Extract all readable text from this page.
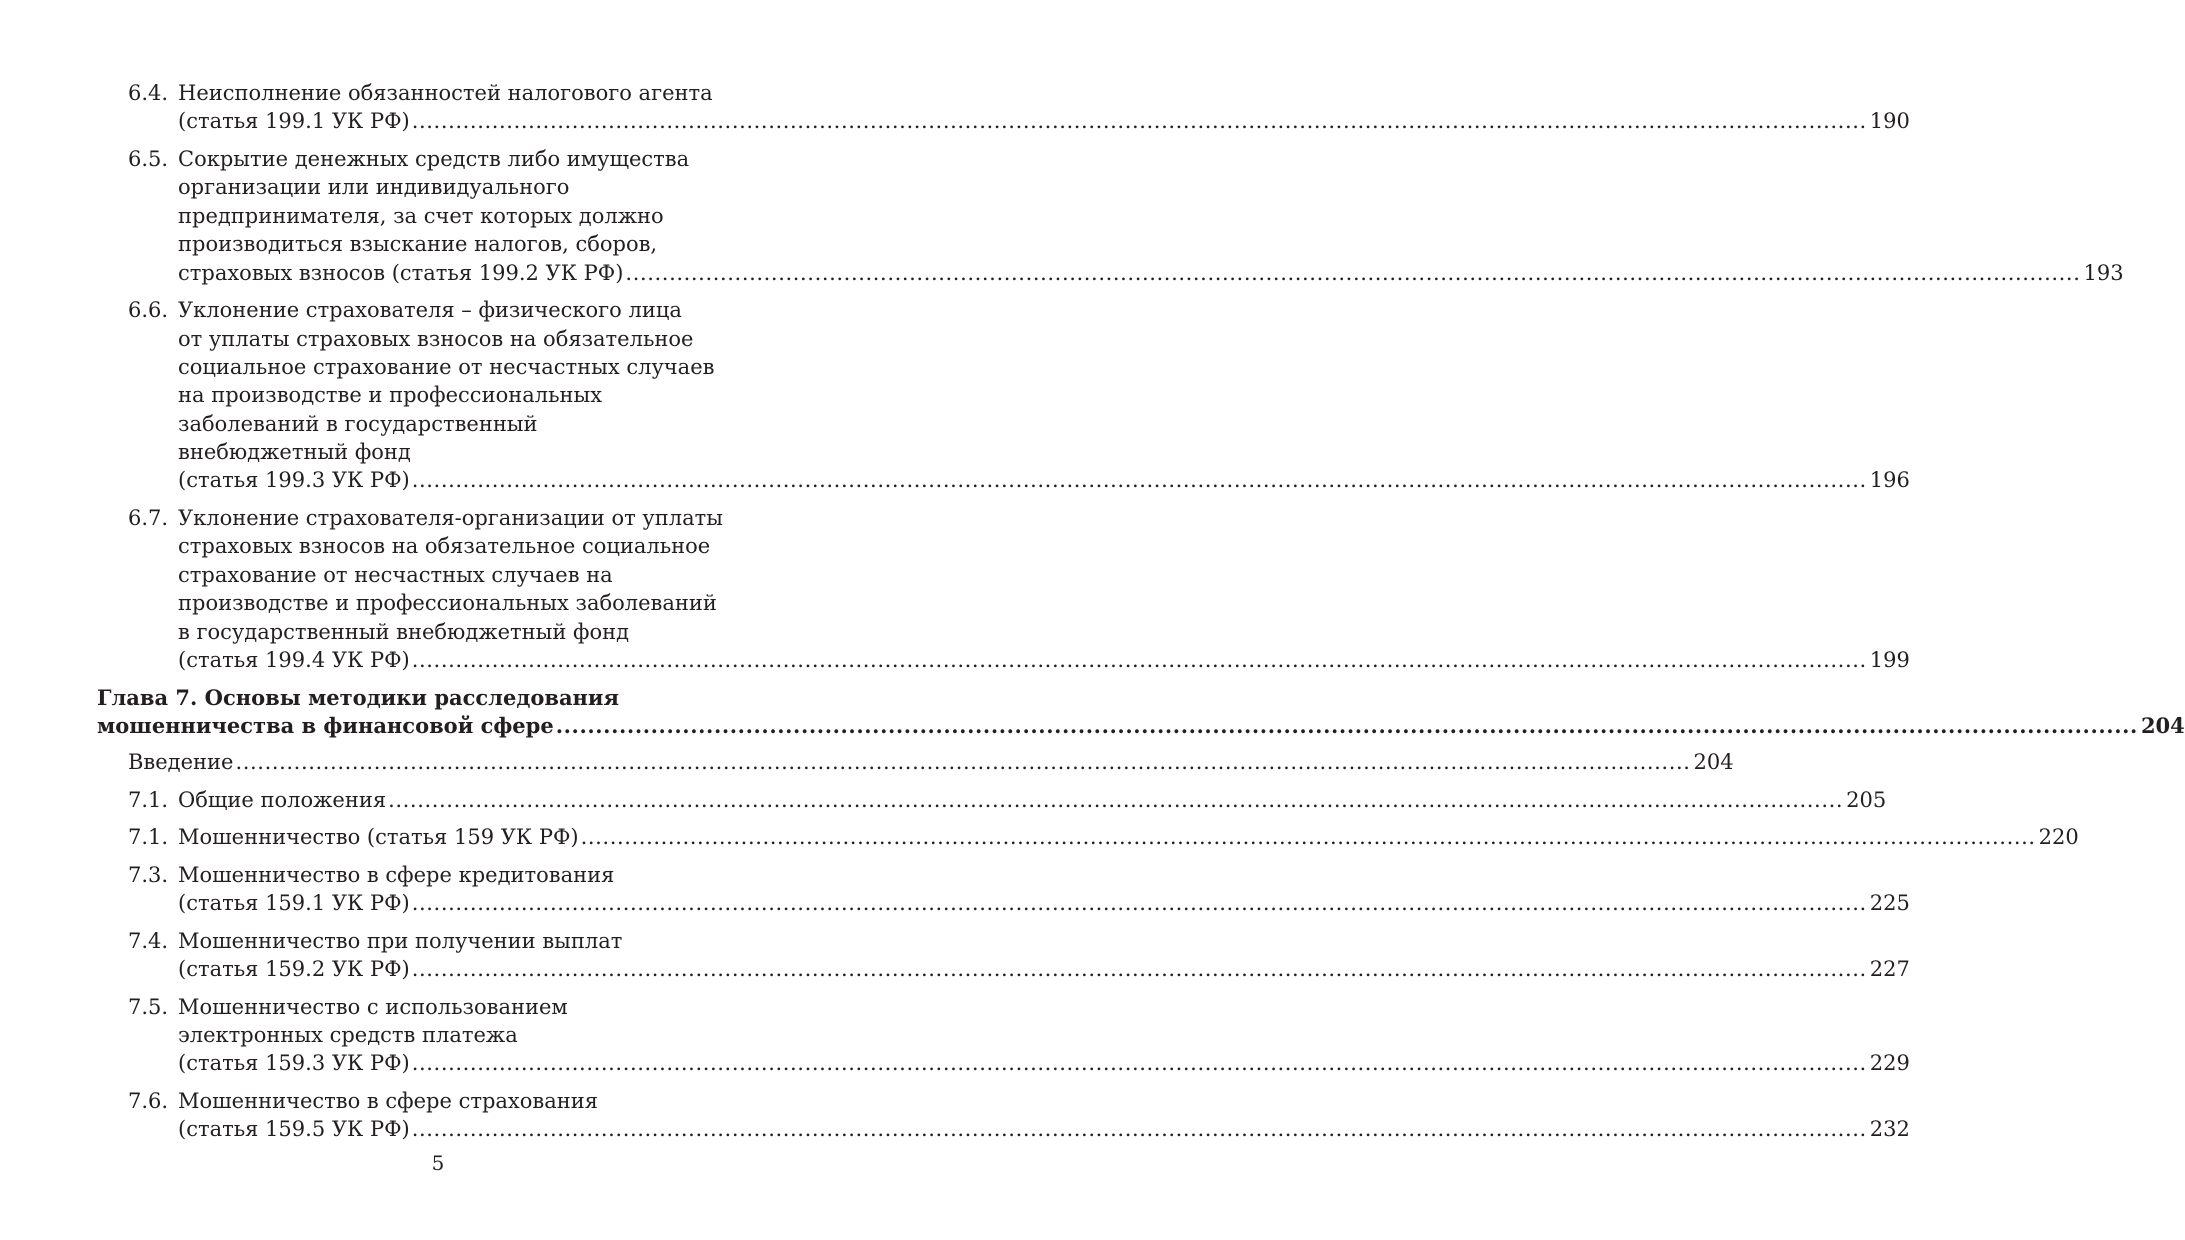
6.4. Неисполнение обязанностей налогового агента
(статья 199.1 УК РФ) ........................................................................................................................................................................................................ 190
6.5. Сокрытие денежных средств либо имущества
организации или индивидуального
предпринимателя, за счет которых должно
производиться взыскание налогов, сборов,
страховых взносов (статья 199.2 УК РФ) ........................................................................................................................................................................................................ 193
6.6. Уклонение страхователя – физического лица
от уплаты страховых взносов на обязательное
социальное страхование от несчастных случаев
на производстве и профессиональных
заболеваний в государственный
внебюджетный фонд
(статья 199.3 УК РФ) ........................................................................................................................................................................................................ 196
6.7. Уклонение страхователя-организации от уплаты
страховых взносов на обязательное социальное
страхование от несчастных случаев на
производстве и профессиональных заболеваний
в государственный внебюджетный фонд
(статья 199.4 УК РФ) ........................................................................................................................................................................................................ 199
Глава 7. Основы методики расследования
мошенничества в финансовой сфере ........................................................................................................................................................................................................ 204
Введение ........................................................................................................................................................................................................ 204
7.1. Общие положения ........................................................................................................................................................................................................ 205
7.1. Мошенничество (статья 159 УК РФ) ........................................................................................................................................................................................................ 220
7.3. Мошенничество в сфере кредитования
(статья 159.1 УК РФ) ........................................................................................................................................................................................................ 225
7.4. Мошенничество при получении выплат
(статья 159.2 УК РФ) ........................................................................................................................................................................................................ 227
7.5. Мошенничество с использованием
электронных средств платежа
(статья 159.3 УК РФ) ........................................................................................................................................................................................................ 229
7.6. Мошенничество в сфере страхования
(статья 159.5 УК РФ) ........................................................................................................................................................................................................ 232
5
